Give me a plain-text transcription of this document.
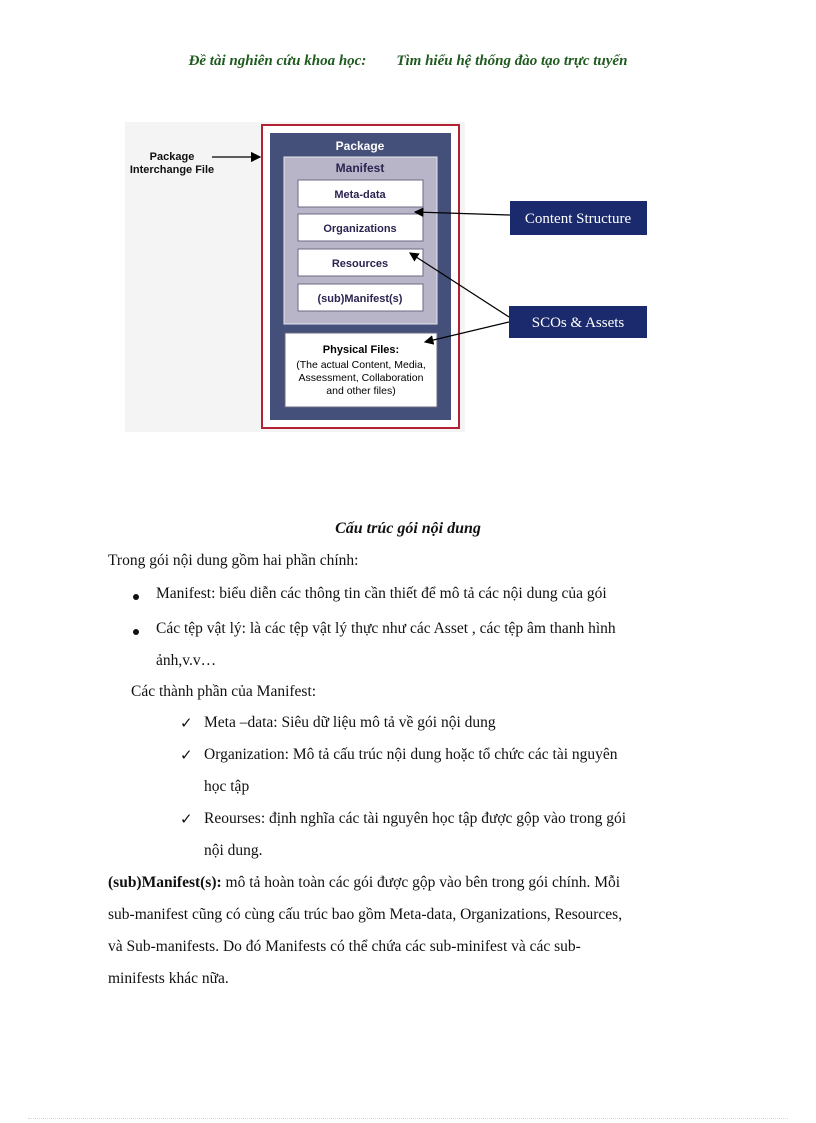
Đề tài nghiên cứu khoa học: Tìm hiểu hệ thống đào tạo trực tuyến
Package
Manifest
Meta-data
Organizations
Resources
(sub)Manifest(s)
Physical Files:
(The actual Content, Media,
Assessment, Collaboration
and other files)
Package
Interchange File
Content Structure
SCOs & Assets
Cấu trúc gói nội dung
Trong gói nội dung gồm hai phần chính:
Manifest: biểu diễn các thông tin cần thiết để mô tả các nội dung của gói
Các tệp vật lý: là các tệp vật lý thực như các Asset , các tệp âm thanh hình
ảnh,v.v…
Các thành phần của Manifest:
✓ Meta –data: Siêu dữ liệu mô tả về gói nội dung
✓ Organization: Mô tả cấu trúc nội dung hoặc tổ chức các tài nguyên
học tập
✓ Reourses: định nghĩa các tài nguyên học tập được gộp vào trong gói
nội dung.
(sub)Manifest(s): mô tả hoàn toàn các gói được gộp vào bên trong gói chính. Mỗi
sub-manifest cũng có cùng cấu trúc bao gồm Meta-data, Organizations, Resources,
và Sub-manifests. Do đó Manifests có thể chứa các sub-minifest và các sub-
minifests khác nữa.
